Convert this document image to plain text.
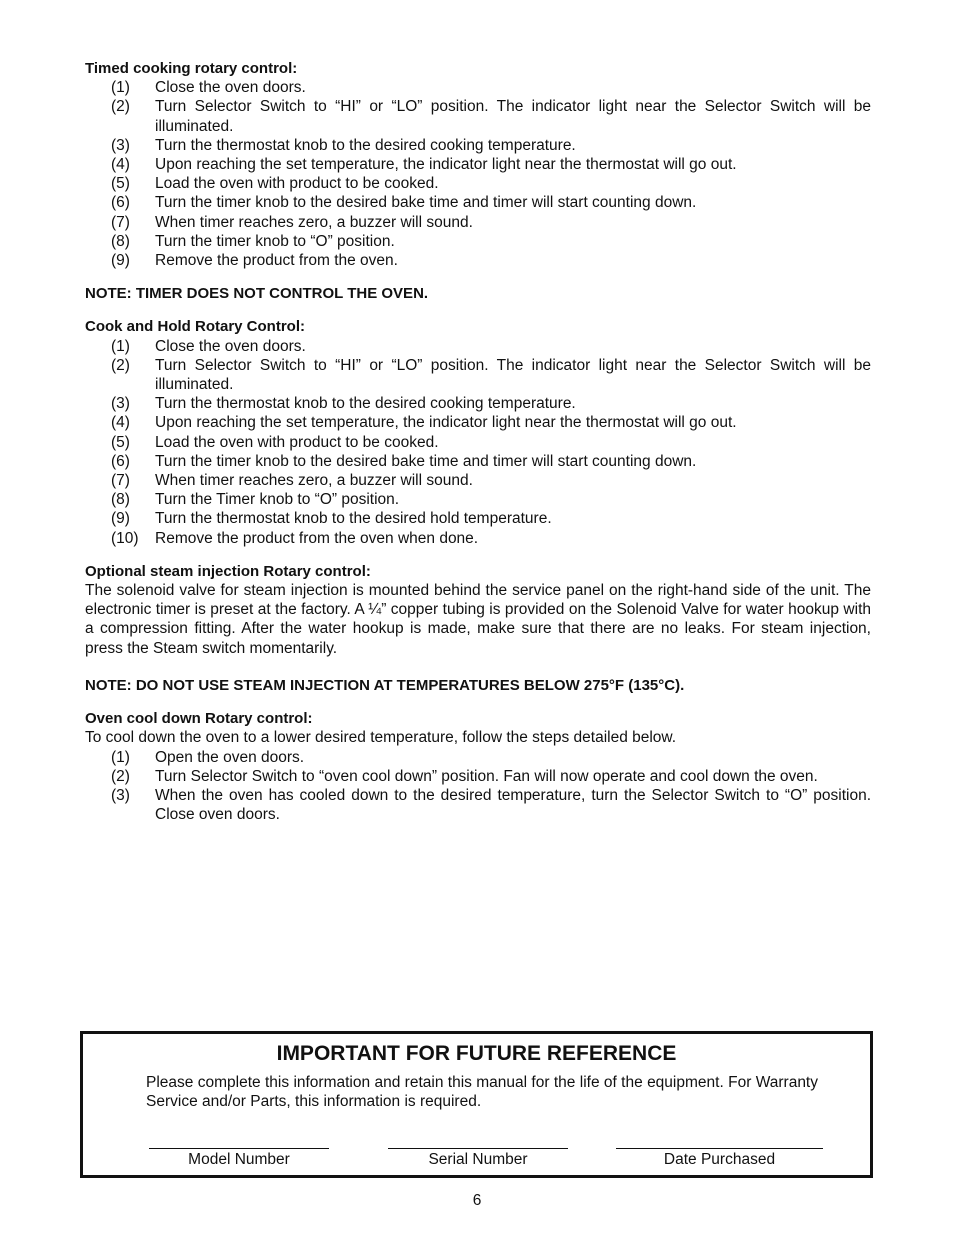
Timed cooking rotary control:

(1)	Close the oven doors.
(2)	Turn Selector Switch to “HI” or “LO” position. The indicator light near the Selector Switch will be illuminated.
(3)	Turn the thermostat knob to the desired cooking temperature.
(4)	Upon reaching the set temperature, the indicator light near the thermostat will go out.
(5)	Load the oven with product to be cooked.
(6)	Turn the timer knob to the desired bake time and timer will start counting down.
(7)	When timer reaches zero, a buzzer will sound.
(8)	Turn the timer knob to “O” position.
(9)	Remove the product from the oven.

NOTE: TIMER DOES NOT CONTROL THE OVEN.

Cook and Hold Rotary Control:

(1)	Close the oven doors.
(2)	Turn Selector Switch to “HI” or “LO” position. The indicator light near the Selector Switch will be illuminated.
(3)	Turn the thermostat knob to the desired cooking temperature.
(4)	Upon reaching the set temperature, the indicator light near the thermostat will go out.
(5)	Load the oven with product to be cooked.
(6)	Turn the timer knob to the desired bake time and timer will start counting down.
(7)	When timer reaches zero, a buzzer will sound.
(8)	Turn the Timer knob to “O” position.
(9)	Turn the thermostat knob to the desired hold temperature.
(10)	Remove the product from the oven when done.

Optional steam injection Rotary control:

The solenoid valve for steam injection is mounted behind the service panel on the right-hand side of the unit. The electronic timer is preset at the factory. A ¼” copper tubing is provided on the Solenoid Valve for water hookup with a compression fitting. After the water hookup is made, make sure that there are no leaks. For steam injection, press the Steam switch momentarily.

NOTE: DO NOT USE STEAM INJECTION AT TEMPERATURES BELOW 275°F (135°C).

Oven cool down Rotary control:

To cool down the oven to a lower desired temperature, follow the steps detailed below.

(1)	Open the oven doors.
(2)	Turn Selector Switch to “oven cool down” position. Fan will now operate and cool down the oven.
(3)	When the oven has cooled down to the desired temperature, turn the Selector Switch to “O” position. Close oven doors.
IMPORTANT FOR FUTURE REFERENCE
Please complete this information and retain this manual for the life of the equipment. For Warranty Service and/or Parts, this information is required.
Model Number	Serial Number	Date Purchased
6
